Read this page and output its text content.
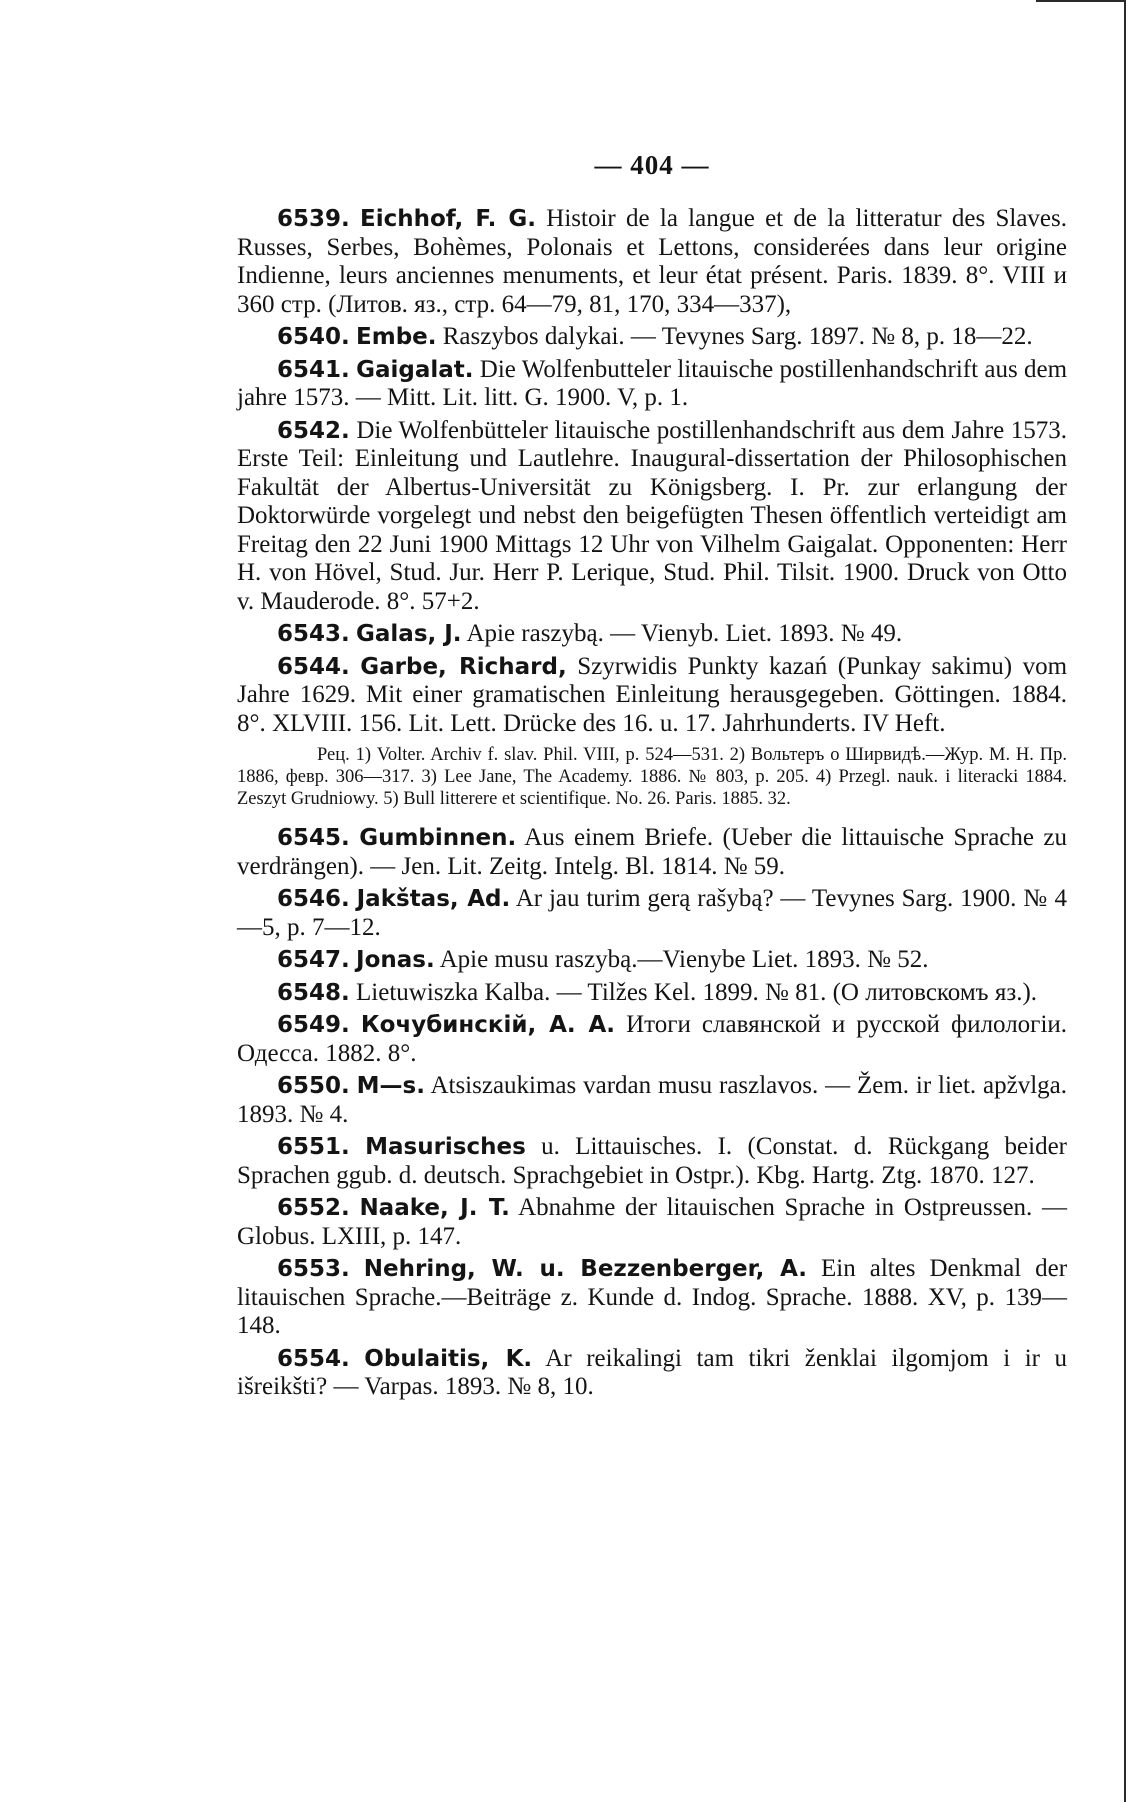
— 404 —

6539. Eichhof, F. G. Histoir de la langue et de la litteratur des Slaves. Russes, Serbes, Bohèmes, Polonais et Lettons, considerées dans leur origine Indienne, leurs anciennes menuments, et leur état présent. Paris. 1839. 8°. VIII и 360 стр. (Литов. яз., стр. 64—79, 81, 170, 334—337),

6540. Embe. Raszybos dalykai. — Tevynes Sarg. 1897. № 8, p. 18—22.

6541. Gaigalat. Die Wolfenbutteler litauische postillenhandschrift aus dem jahre 1573. — Mitt. Lit. litt. G. 1900. V, p. 1.

6542. Die Wolfenbütteler litauische postillenhandschrift aus dem Jahre 1573. Erste Teil: Einleitung und Lautlehre. Inaugural-dissertation der Philosophischen Fakultät der Albertus-Universität zu Königsberg. I. Pr. zur erlangung der Doktorwürde vorgelegt und nebst den beigefügten Thesen öffentlich verteidigt am Freitag den 22 Juni 1900 Mittags 12 Uhr von Vilhelm Gaigalat. Opponenten: Herr H. von Hövel, Stud. Jur. Herr P. Lerique, Stud. Phil. Tilsit. 1900. Druck von Otto v. Mauderode. 8°. 57+2.

6543. Galas, J. Apie raszybą. — Vienyb. Liet. 1893. № 49.

6544. Garbe, Richard, Szyrwidis Punkty kazań (Punkay sakimu) vom Jahre 1629. Mit einer gramatischen Einleitung herausgegeben. Göttingen. 1884. 8°. XLVIII. 156. Lit. Lett. Drücke des 16. u. 17. Jahrhunderts. IV Heft.

Рец. 1) Volter. Archiv f. slav. Phil. VIII, p. 524—531. 2) Вольтеръ о Ширвидѣ.—Жур. М. Н. Пр. 1886, февр. 306—317. 3) Lee Jane, The Academy. 1886. № 803, p. 205. 4) Przegl. nauk. i literacki 1884. Zeszyt Grudniowy. 5) Bull litterere et scientifique. No. 26. Paris. 1885. 32.

6545. Gumbinnen. Aus einem Briefe. (Ueber die littauische Sprache zu verdrängen). — Jen. Lit. Zeitg. Intelg. Bl. 1814. № 59.

6546. Jakštas, Ad. Ar jau turim gerą rašybą? — Tevynes Sarg. 1900. № 4—5, p. 7—12.

6547. Jonas. Apie musu raszybą.—Vienybe Liet. 1893. № 52.

6548. Lietuwiszka Kalba. — Tilžes Kel. 1899. № 81. (О литовскомъ яз.).

6549. Кочубинскій, А. А. Итоги славянской и русской филологіи. Одесса. 1882. 8°.

6550. M—s. Atsiszaukimas vardan musu raszlavos. — Žem. ir liet. apžvlga. 1893. № 4.

6551. Masurisches u. Littauisches. I. (Constat. d. Rückgang beider Sprachen ggub. d. deutsch. Sprachgebiet in Ostpr.). Kbg. Hartg. Ztg. 1870. 127.

6552. Naake, J. T. Abnahme der litauischen Sprache in Ostpreussen. — Globus. LXIII, p. 147.

6553. Nehring, W. u. Bezzenberger, A. Ein altes Denkmal der litauischen Sprache.—Beiträge z. Kunde d. Indog. Sprache. 1888. XV, p. 139—148.

6554. Obulaitis, K. Ar reikalingi tam tikri ženklai ilgomjom i ir u išreikšti? — Varpas. 1893. № 8, 10.
